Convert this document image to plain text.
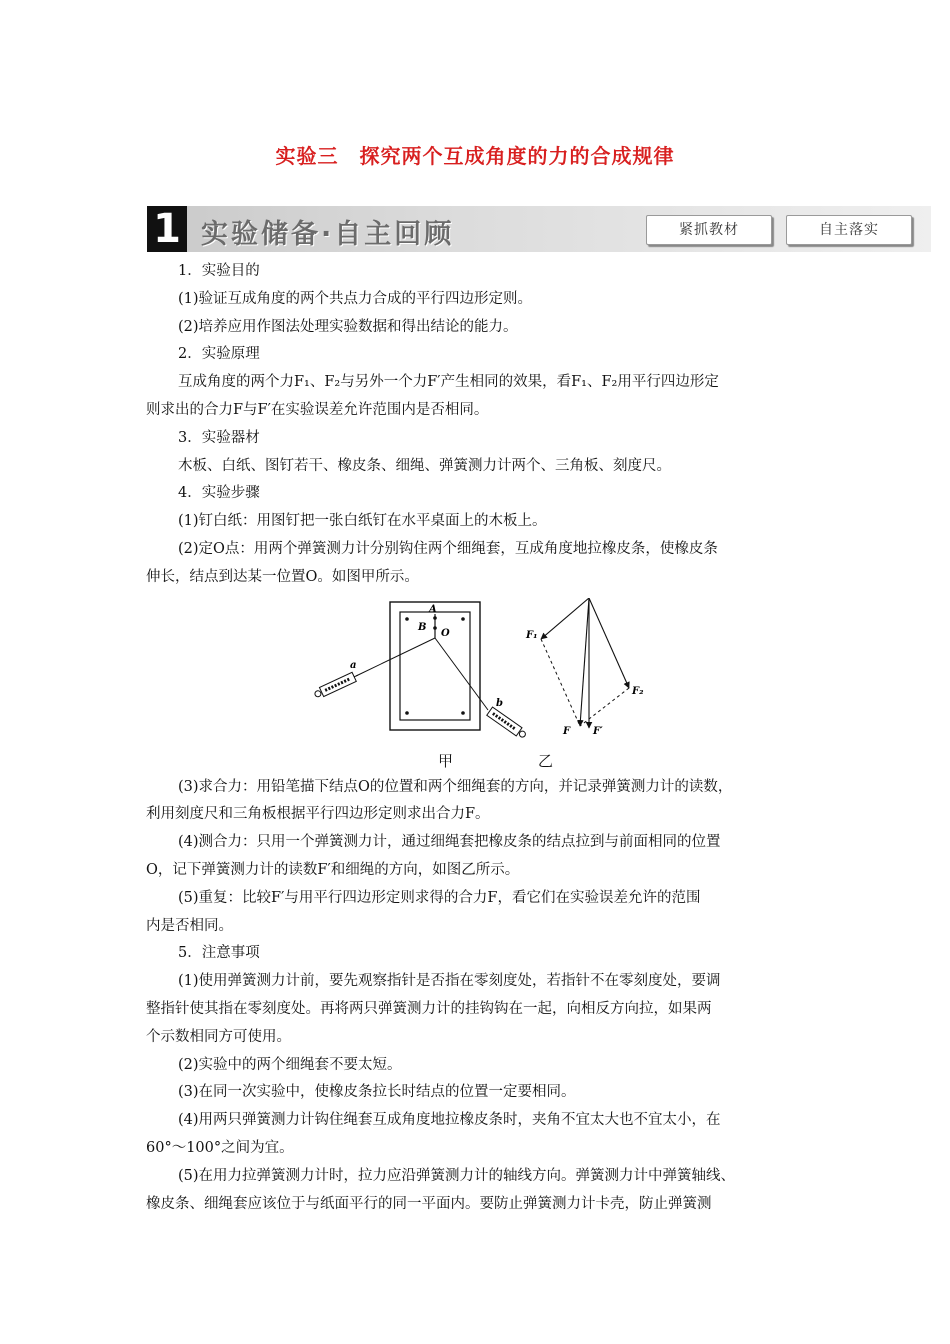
实验三　探究两个互成角度的力的合成规律
1 实验储备·自主回顾	紧抓教材	自主落实

1．实验目的

(1)验证互成角度的两个共点力合成的平行四边形定则。

(2)培养应用作图法处理实验数据和得出结论的能力。

2．实验原理

互成角度的两个力F₁、F₂与另外一个力F′产生相同的效果，看F₁、F₂用平行四边形定

则求出的合力F与F′在实验误差允许范围内是否相同。

3．实验器材

木板、白纸、图钉若干、橡皮条、细绳、弹簧测力计两个、三角板、刻度尺。

4．实验步骤

(1)钉白纸：用图钉把一张白纸钉在水平桌面上的木板上。

(2)定O点：用两个弹簧测力计分别钩住两个细绳套，互成角度地拉橡皮条，使橡皮条

伸长，结点到达某一位置O。如图甲所示。

A
B
O
a
b
F₁
F₂
F F′
甲	乙

(3)求合力：用铅笔描下结点O的位置和两个细绳套的方向，并记录弹簧测力计的读数，

利用刻度尺和三角板根据平行四边形定则求出合力F。

(4)测合力：只用一个弹簧测力计，通过细绳套把橡皮条的结点拉到与前面相同的位置

O，记下弹簧测力计的读数F′和细绳的方向，如图乙所示。

(5)重复：比较F′与用平行四边形定则求得的合力F，看它们在实验误差允许的范围

内是否相同。

5．注意事项

(1)使用弹簧测力计前，要先观察指针是否指在零刻度处，若指针不在零刻度处，要调

整指针使其指在零刻度处。再将两只弹簧测力计的挂钩钩在一起，向相反方向拉，如果两

个示数相同方可使用。

(2)实验中的两个细绳套不要太短。

(3)在同一次实验中，使橡皮条拉长时结点的位置一定要相同。

(4)用两只弹簧测力计钩住绳套互成角度地拉橡皮条时，夹角不宜太大也不宜太小，在

60°～100°之间为宜。

(5)在用力拉弹簧测力计时，拉力应沿弹簧测力计的轴线方向。弹簧测力计中弹簧轴线、

橡皮条、细绳套应该位于与纸面平行的同一平面内。要防止弹簧测力计卡壳，防止弹簧测
